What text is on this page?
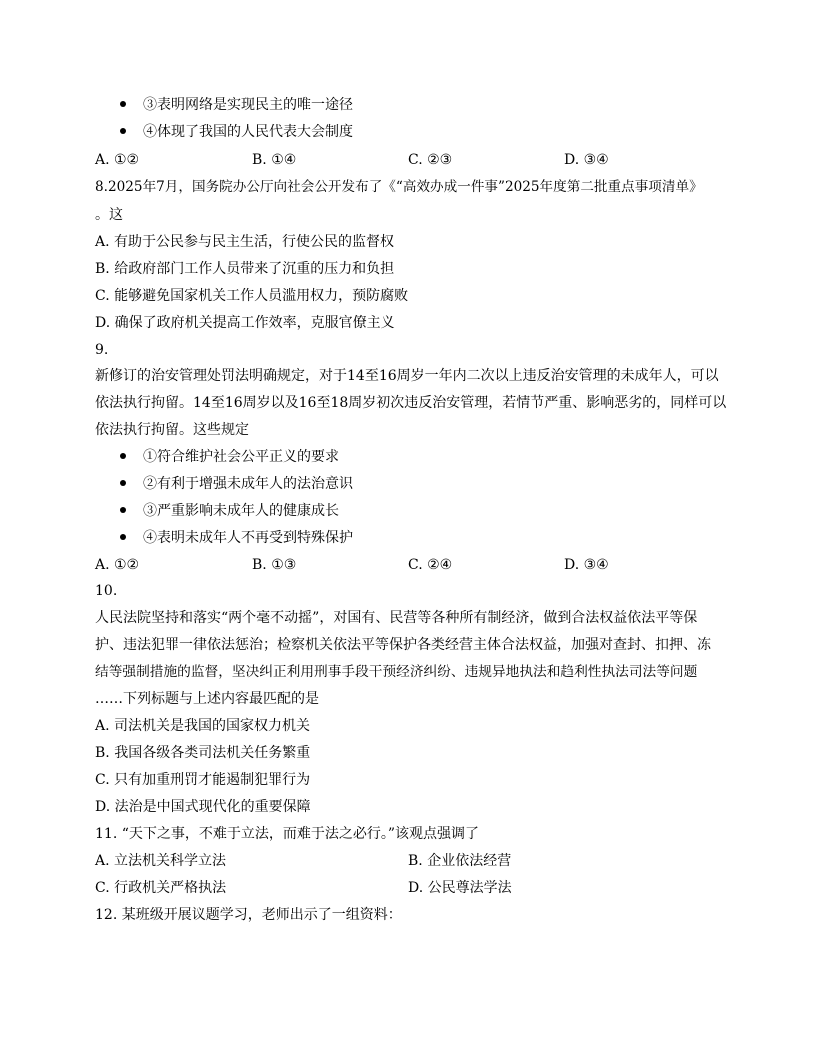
③表明网络是实现民主的唯一途径
④体现了我国的人民代表大会制度
A. ①②	B. ①④	C. ②③	D. ③④
8.2025年7月，国务院办公厅向社会公开发布了《“高效办成一件事”2025年度第二批重点事项清单》
。这
A. 有助于公民参与民主生活，行使公民的监督权
B. 给政府部门工作人员带来了沉重的压力和负担
C. 能够避免国家机关工作人员滥用权力，预防腐败
D. 确保了政府机关提高工作效率，克服官僚主义
9.
新修订的治安管理处罚法明确规定，对于14至16周岁一年内二次以上违反治安管理的未成年人，可以
依法执行拘留。14至16周岁以及16至18周岁初次违反治安管理，若情节严重、影响恶劣的，同样可以
依法执行拘留。这些规定
①符合维护社会公平正义的要求
②有利于增强未成年人的法治意识
③严重影响未成年人的健康成长
④表明未成年人不再受到特殊保护
A. ①②	B. ①③	C. ②④	D. ③④
10.
人民法院坚持和落实“两个毫不动摇”，对国有、民营等各种所有制经济，做到合法权益依法平等保
护、违法犯罪一律依法惩治；检察机关依法平等保护各类经营主体合法权益，加强对查封、扣押、冻
结等强制措施的监督，坚决纠正利用刑事手段干预经济纠纷、违规异地执法和趋利性执法司法等问题
……下列标题与上述内容最匹配的是
A. 司法机关是我国的国家权力机关
B. 我国各级各类司法机关任务繁重
C. 只有加重刑罚才能遏制犯罪行为
D. 法治是中国式现代化的重要保障
11. “天下之事，不难于立法，而难于法之必行。”该观点强调了
A. 立法机关科学立法	B. 企业依法经营
C. 行政机关严格执法	D. 公民尊法学法
12. 某班级开展议题学习，老师出示了一组资料：
